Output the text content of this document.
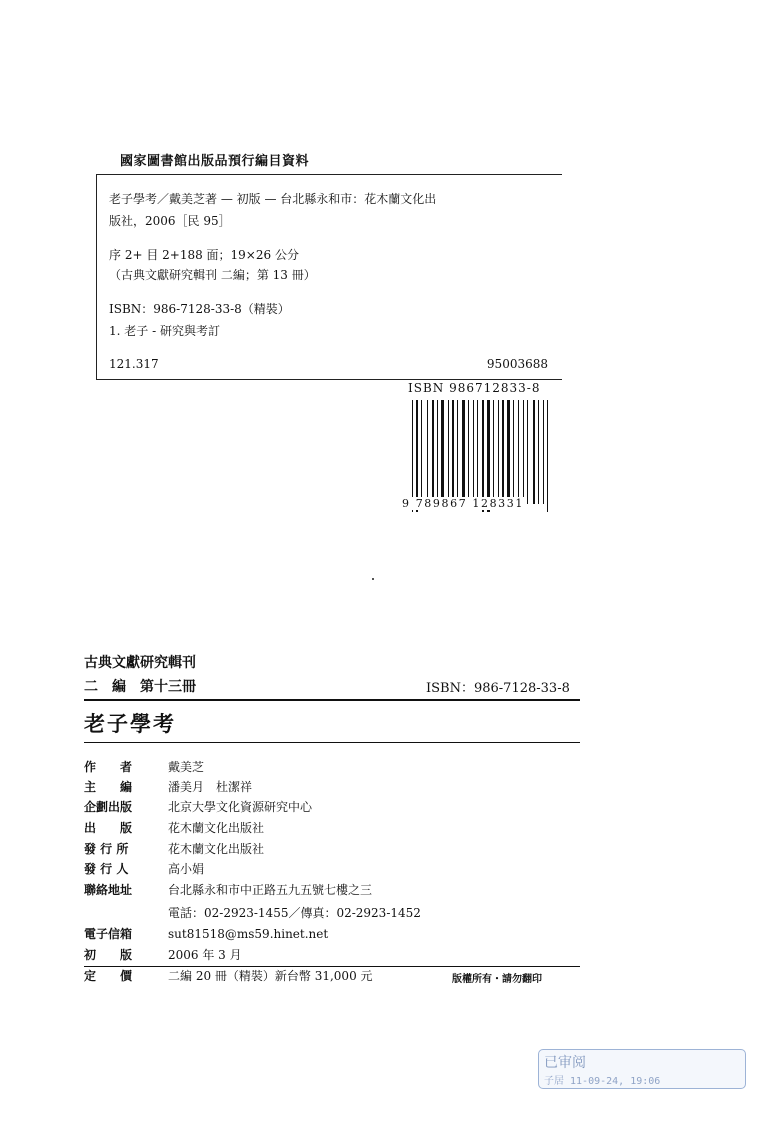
國家圖書館出版品預行編目資料
老子學考／戴美芝著 — 初版 — 台北縣永和市：花木蘭文化出
版社，2006［民 95］
序 2+ 目 2+188 面；19×26 公分
（古典文獻研究輯刊 二編；第 13 冊）
ISBN：986-7128-33-8（精裝）
1. 老子 - 研究與考訂
121.317	95003688
ISBN 986712833-8
9 789867 128331
古典文獻研究輯刊
二　編 第十三冊	ISBN：986-7128-33-8
老子學考
作　　者	戴美芝
主　　編	潘美月　杜潔祥
企劃出版	北京大學文化資源研究中心
出　　版	花木蘭文化出版社
發 行 所	花木蘭文化出版社
發 行 人	高小娟
聯絡地址	台北縣永和市中正路五九五號七樓之三
電話：02-2923-1455／傳真：02-2923-1452
電子信箱	sut81518@ms59.hinet.net
初　　版	2006 年 3 月
定　　價	二編 20 冊（精裝）新台幣 31,000 元	版權所有・請勿翻印
已审阅
子居 11-09-24, 19:06
